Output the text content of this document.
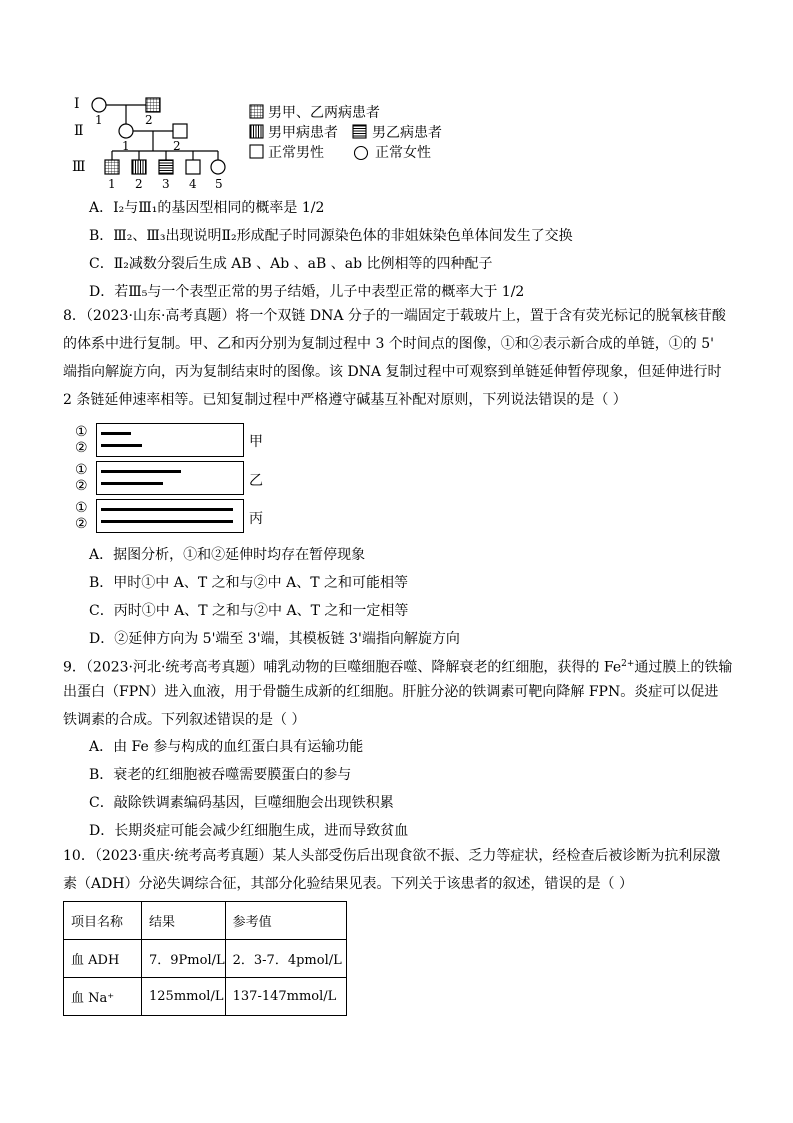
Ⅰ
Ⅱ
Ⅲ
1	2
1	2
1 2 3 4 5
男甲、乙两病患者
男甲病患者 男乙病患者
正常男性	正常女性
A．I₂与Ⅲ₁的基因型相同的概率是 1/2
B．Ⅲ₂、Ⅲ₃出现说明Ⅱ₂形成配子时同源染色体的非姐妹染色单体间发生了交换
C．Ⅱ₂减数分裂后生成 AB 、Ab 、aB 、ab 比例相等的四种配子
D．若Ⅲ₅与一个表型正常的男子结婚，儿子中表型正常的概率大于 1/2
8．（2023·山东·高考真题）将一个双链 DNA 分子的一端固定于载玻片上，置于含有荧光标记的脱氧核苷酸
的体系中进行复制。甲、乙和丙分别为复制过程中 3 个时间点的图像，①和②表示新合成的单链，①的 5'
端指向解旋方向，丙为复制结束时的图像。该 DNA 复制过程中可观察到单链延伸暂停现象，但延伸进行时
2 条链延伸速率相等。已知复制过程中严格遵守碱基互补配对原则，下列说法错误的是（ ）
①
②	甲
①
②	乙
①
②	丙
A．据图分析，①和②延伸时均存在暂停现象
B．甲时①中 A、T 之和与②中 A、T 之和可能相等
C．丙时①中 A、T 之和与②中 A、T 之和一定相等
D．②延伸方向为 5'端至 3'端，其模板链 3'端指向解旋方向
9．（2023·河北·统考高考真题）哺乳动物的巨噬细胞吞噬、降解衰老的红细胞，获得的 $Fe^{2+}$通过膜上的铁输
出蛋白（FPN）进入血液，用于骨髓生成新的红细胞。肝脏分泌的铁调素可靶向降解 FPN。炎症可以促进
铁调素的合成。下列叙述错误的是（ ）
A．由 Fe 参与构成的血红蛋白具有运输功能
B．衰老的红细胞被吞噬需要膜蛋白的参与
C．敲除铁调素编码基因，巨噬细胞会出现铁积累
D．长期炎症可能会减少红细胞生成，进而导致贫血
10．（2023·重庆·统考高考真题）某人头部受伤后出现食欲不振、乏力等症状，经检查后被诊断为抗利尿激
素（ADH）分泌失调综合征，其部分化验结果见表。下列关于该患者的叙述，错误的是（ ）
项目名称	结果	参考值
血 ADH	7．9Pmol/L	2．3-7．4pmol/L
血 Na⁺	125mmol/L	137-147mmol/L
